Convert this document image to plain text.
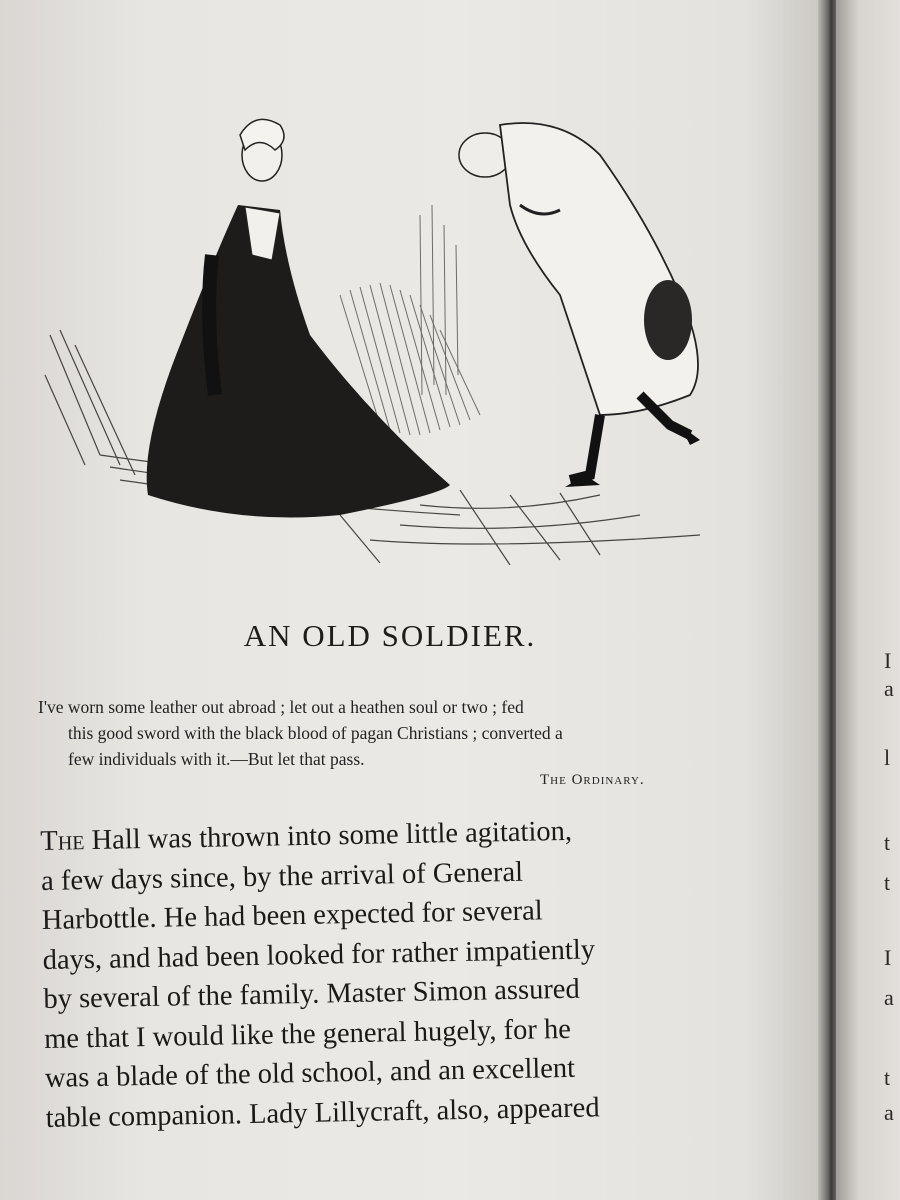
AN OLD SOLDIER.
I've worn some leather out abroad ; let out a heathen soul or two ; fed
this good sword with the black blood of pagan Christians ; converted a
few individuals with it.—But let that pass.
The Ordinary.
The Hall was thrown into some little agitation,
a few days since, by the arrival of General
Harbottle. He had been expected for several
days, and had been looked for rather impatiently
by several of the family. Master Simon assured
me that I would like the general hugely, for he
was a blade of the old school, and an excellent
table companion. Lady Lillycraft, also, appeared
I
a
l
t
t
I
a
t
a
